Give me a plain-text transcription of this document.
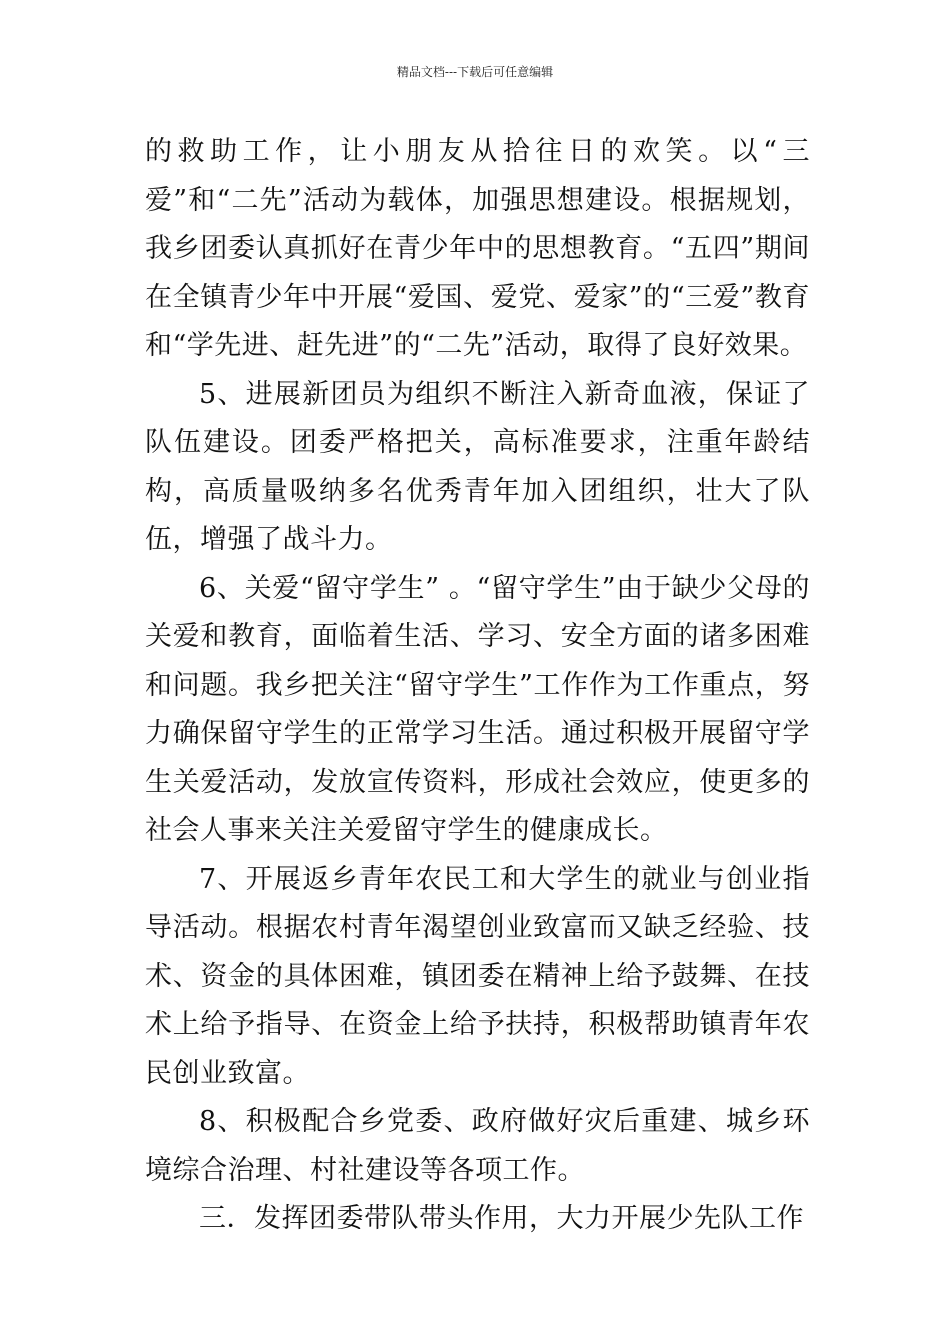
精品文档---下载后可任意编辑

的救助工作，让小朋友从拾往日的欢笑。以“三爱”和“二先”活动为载体，加强思想建设。根据规划，我乡团委认真抓好在青少年中的思想教育。“五四”期间在全镇青少年中开展“爱国、爱党、爱家”的“三爱”教育和“学先进、赶先进”的“二先”活动，取得了良好效果。

5、进展新团员为组织不断注入新奇血液，保证了队伍建设。团委严格把关，高标准要求，注重年龄结构，高质量吸纳多名优秀青年加入团组织，壮大了队伍，增强了战斗力。

6、关爱“留守学生” 。“留守学生”由于缺少父母的关爱和教育，面临着生活、学习、安全方面的诸多困难和问题。我乡把关注“留守学生”工作作为工作重点，努力确保留守学生的正常学习生活。通过积极开展留守学生关爱活动，发放宣传资料，形成社会效应，使更多的社会人事来关注关爱留守学生的健康成长。

7、开展返乡青年农民工和大学生的就业与创业指导活动。根据农村青年渴望创业致富而又缺乏经验、技术、资金的具体困难，镇团委在精神上给予鼓舞、在技术上给予指导、在资金上给予扶持，积极帮助镇青年农民创业致富。

8、积极配合乡党委、政府做好灾后重建、城乡环境综合治理、村社建设等各项工作。

三．发挥团委带队带头作用，大力开展少先队工作
